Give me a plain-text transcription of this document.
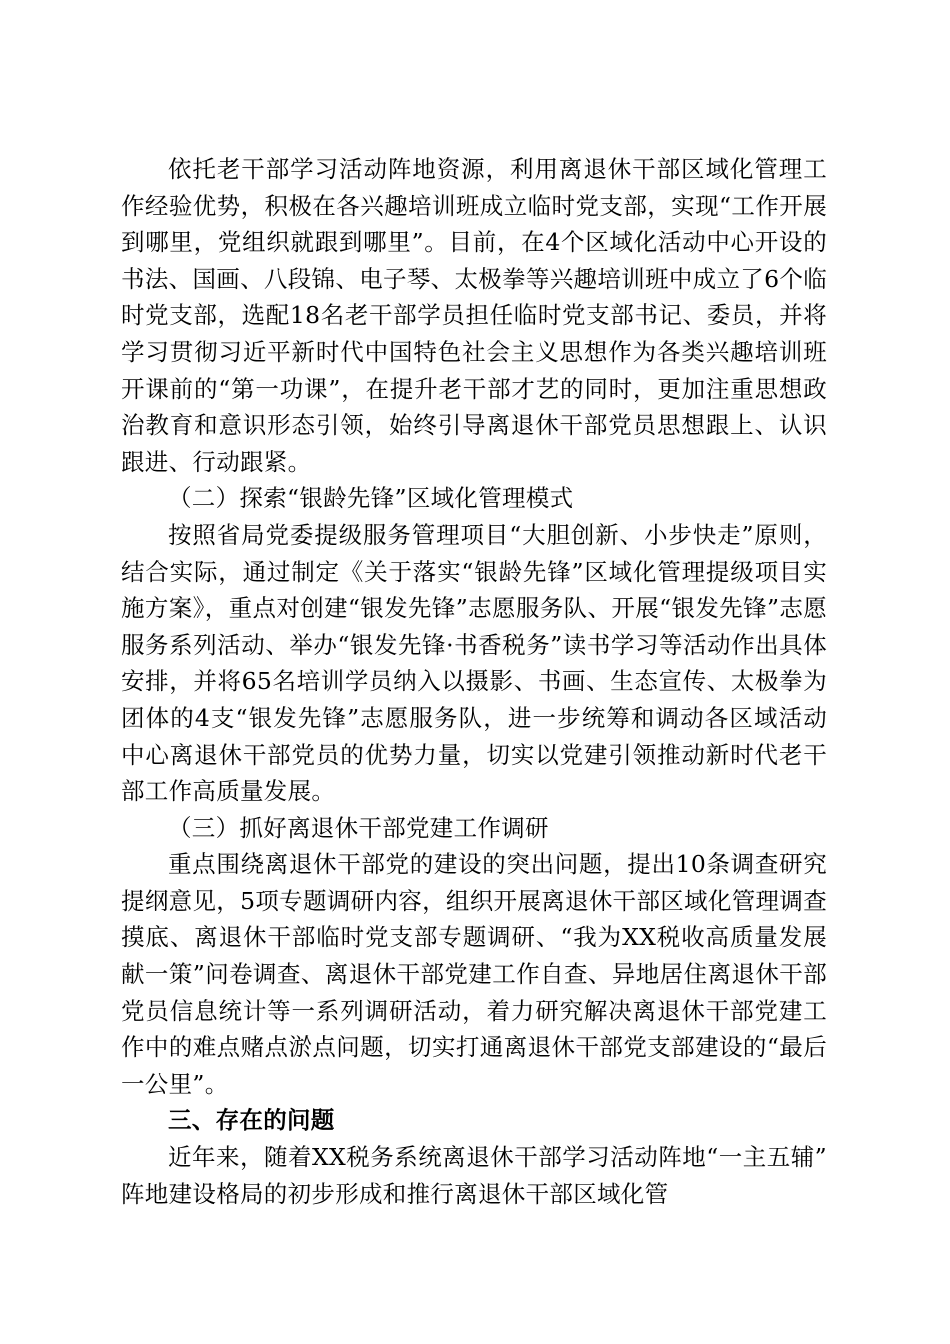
依托老干部学习活动阵地资源，利用离退休干部区域化管理工作经验优势，积极在各兴趣培训班成立临时党支部，实现“工作开展到哪里，党组织就跟到哪里”。目前，在4个区域化活动中心开设的书法、国画、八段锦、电子琴、太极拳等兴趣培训班中成立了6个临时党支部，选配18名老干部学员担任临时党支部书记、委员，并将学习贯彻习近平新时代中国特色社会主义思想作为各类兴趣培训班开课前的“第一功课”，在提升老干部才艺的同时，更加注重思想政治教育和意识形态引领，始终引导离退休干部党员思想跟上、认识跟进、行动跟紧。

（二）探索“银龄先锋”区域化管理模式

按照省局党委提级服务管理项目“大胆创新、小步快走”原则，结合实际，通过制定《关于落实“银龄先锋”区域化管理提级项目实施方案》，重点对创建“银发先锋”志愿服务队、开展“银发先锋”志愿服务系列活动、举办“银发先锋·书香税务”读书学习等活动作出具体安排，并将65名培训学员纳入以摄影、书画、生态宣传、太极拳为团体的4支“银发先锋”志愿服务队，进一步统筹和调动各区域活动中心离退休干部党员的优势力量，切实以党建引领推动新时代老干部工作高质量发展。

（三）抓好离退休干部党建工作调研

重点围绕离退休干部党的建设的突出问题，提出10条调查研究提纲意见，5项专题调研内容，组织开展离退休干部区域化管理调查摸底、离退休干部临时党支部专题调研、“我为XX税收高质量发展献一策”问卷调查、离退休干部党建工作自查、异地居住离退休干部党员信息统计等一系列调研活动，着力研究解决离退休干部党建工作中的难点赌点淤点问题，切实打通离退休干部党支部建设的“最后一公里”。

三、存在的问题

近年来，随着XX税务系统离退休干部学习活动阵地“一主五辅”阵地建设格局的初步形成和推行离退休干部区域化管
